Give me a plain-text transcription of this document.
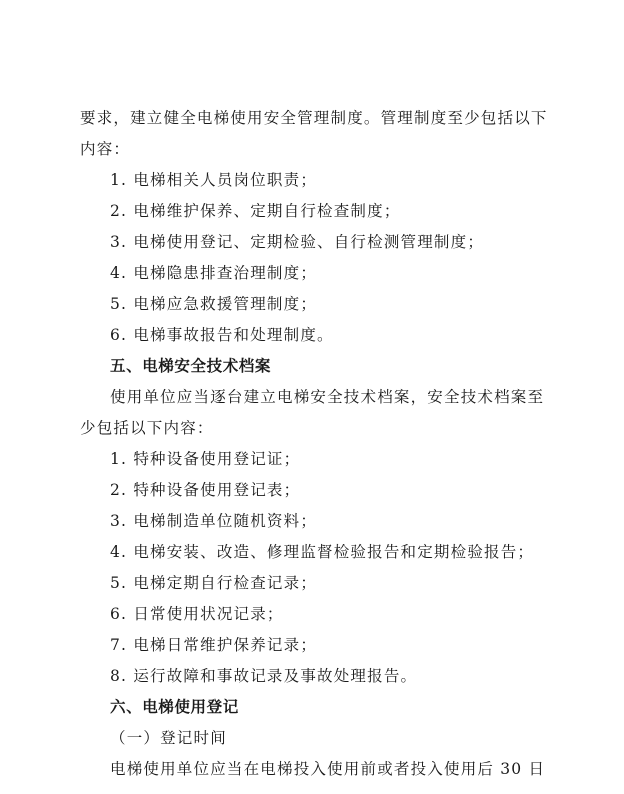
要求，建立健全电梯使用安全管理制度。管理制度至少包括以下
内容：
1. 电梯相关人员岗位职责；
2. 电梯维护保养、定期自行检查制度；
3. 电梯使用登记、定期检验、自行检测管理制度；
4. 电梯隐患排查治理制度；
5. 电梯应急救援管理制度；
6. 电梯事故报告和处理制度。
五、电梯安全技术档案
使用单位应当逐台建立电梯安全技术档案，安全技术档案至
少包括以下内容：
1. 特种设备使用登记证；
2. 特种设备使用登记表；
3. 电梯制造单位随机资料；
4. 电梯安装、改造、修理监督检验报告和定期检验报告；
5. 电梯定期自行检查记录；
6. 日常使用状况记录；
7. 电梯日常维护保养记录；
8. 运行故障和事故记录及事故处理报告。
六、电梯使用登记
（一）登记时间
电梯使用单位应当在电梯投入使用前或者投入使用后 30 日
